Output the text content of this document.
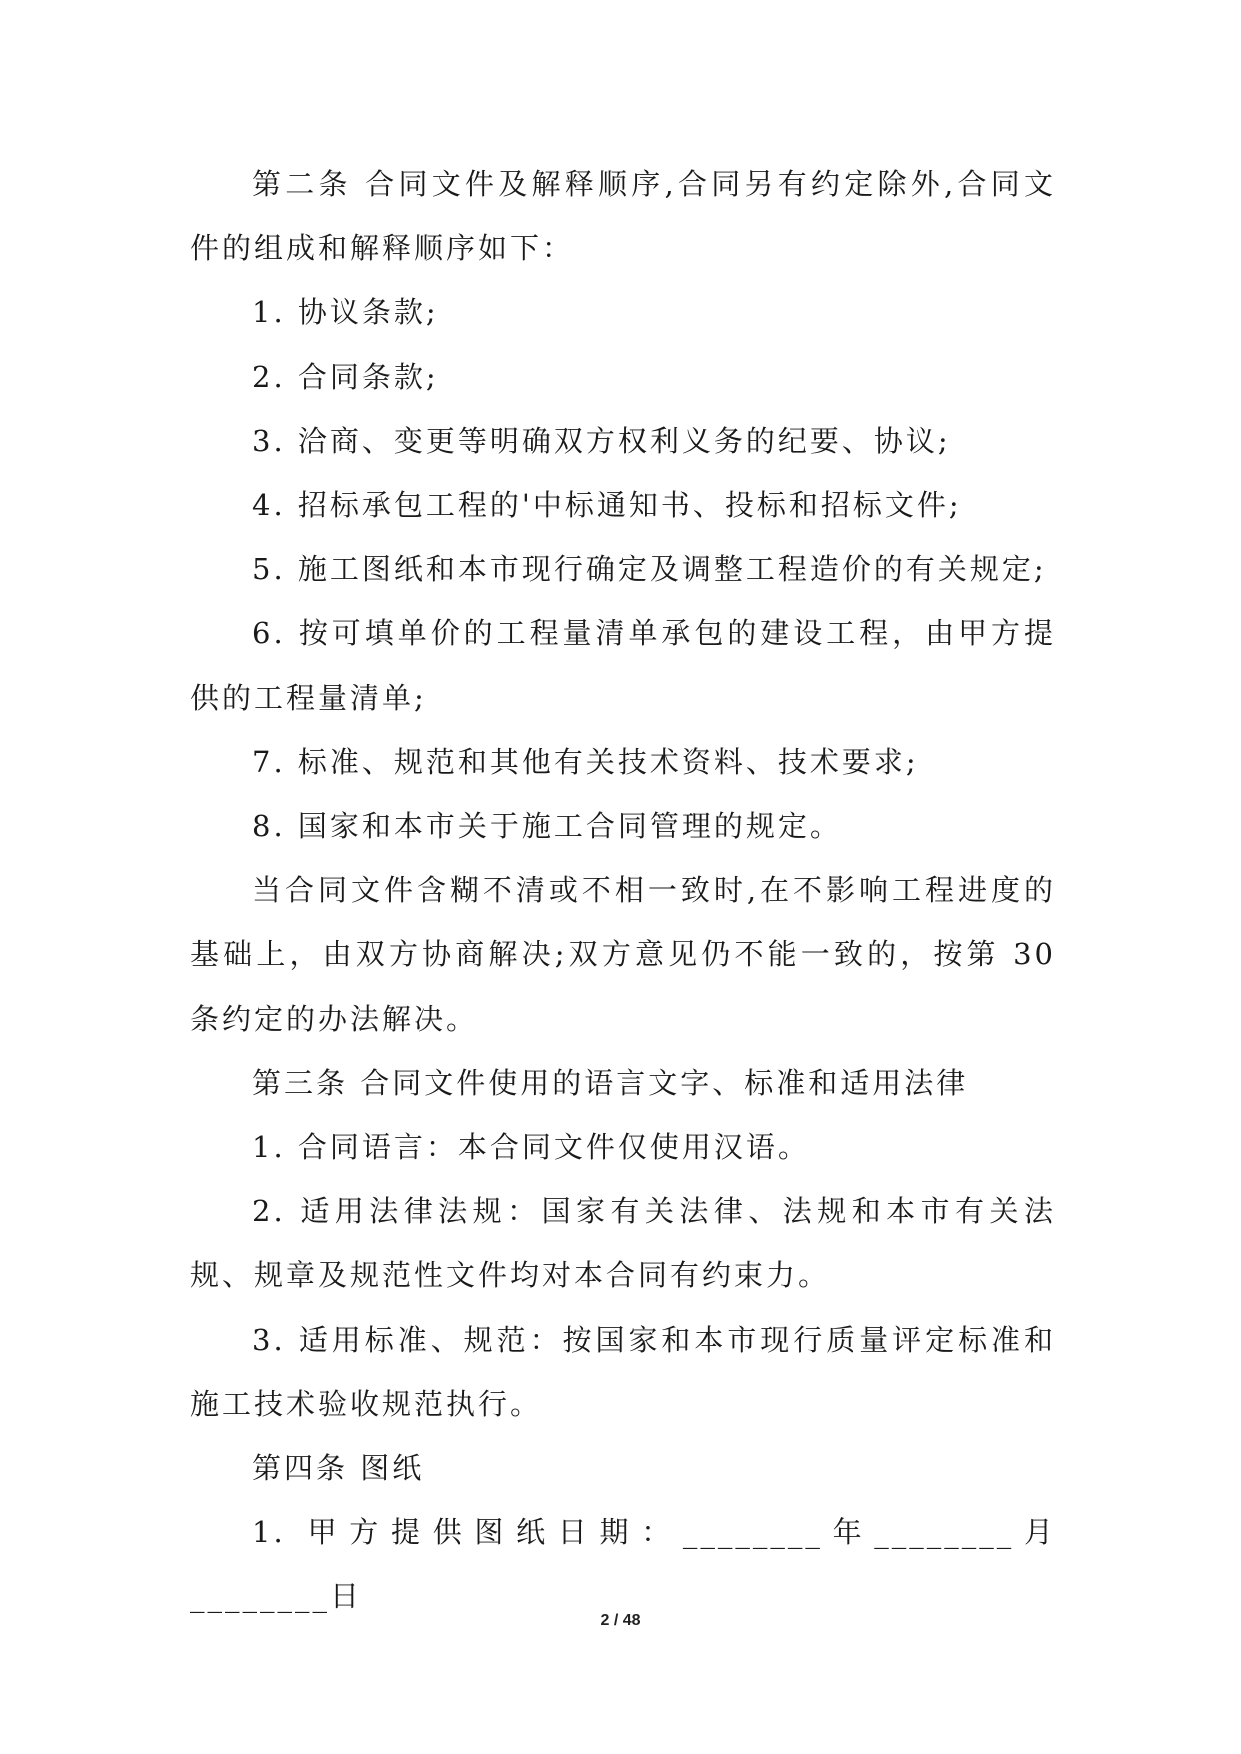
第二条 合同文件及解释顺序,合同另有约定除外,合同文件的组成和解释顺序如下：

1. 协议条款;

2. 合同条款;

3. 洽商、变更等明确双方权利义务的纪要、协议;

4. 招标承包工程的'中标通知书、投标和招标文件;

5. 施工图纸和本市现行确定及调整工程造价的有关规定;

6. 按可填单价的工程量清单承包的建设工程，由甲方提供的工程量清单;

7. 标准、规范和其他有关技术资料、技术要求;

8. 国家和本市关于施工合同管理的规定。

当合同文件含糊不清或不相一致时,在不影响工程进度的基础上，由双方协商解决;双方意见仍不能一致的，按第 30 条约定的办法解决。

第三条 合同文件使用的语言文字、标准和适用法律

1. 合同语言：本合同文件仅使用汉语。

2. 适用法律法规：国家有关法律、法规和本市有关法规、规章及规范性文件均对本合同有约束力。

3. 适用标准、规范：按国家和本市现行质量评定标准和施工技术验收规范执行。

第四条 图纸

1. 甲方提供图纸日期：________年________月________日

2 / 48
